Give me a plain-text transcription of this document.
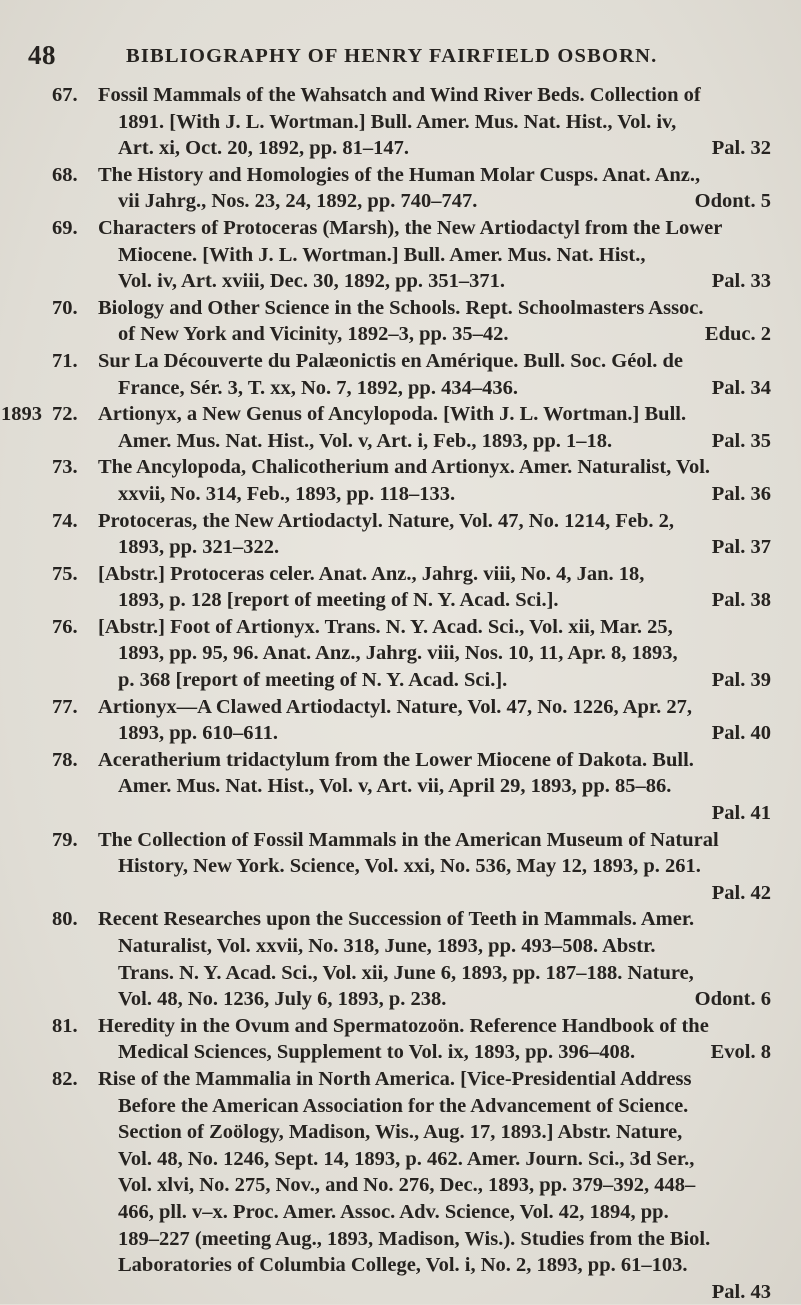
48	BIBLIOGRAPHY OF HENRY FAIRFIELD OSBORN.
67. Fossil Mammals of the Wahsatch and Wind River Beds. Collection of
1891. [With J. L. Wortman.] Bull. Amer. Mus. Nat. Hist., Vol. iv,
Art. xi, Oct. 20, 1892, pp. 81–147.	Pal. 32
68. The History and Homologies of the Human Molar Cusps. Anat. Anz.,
vii Jahrg., Nos. 23, 24, 1892, pp. 740–747.	Odont. 5
69. Characters of Protoceras (Marsh), the New Artiodactyl from the Lower
Miocene. [With J. L. Wortman.] Bull. Amer. Mus. Nat. Hist.,
Vol. iv, Art. xviii, Dec. 30, 1892, pp. 351–371.	Pal. 33
70. Biology and Other Science in the Schools. Rept. Schoolmasters Assoc.
of New York and Vicinity, 1892–3, pp. 35–42.	Educ. 2
71. Sur La Découverte du Palæonictis en Amérique. Bull. Soc. Géol. de
France, Sér. 3, T. xx, No. 7, 1892, pp. 434–436.	Pal. 34
1893 72. Artionyx, a New Genus of Ancylopoda. [With J. L. Wortman.] Bull.
Amer. Mus. Nat. Hist., Vol. v, Art. i, Feb., 1893, pp. 1–18.	Pal. 35
73. The Ancylopoda, Chalicotherium and Artionyx. Amer. Naturalist, Vol.
xxvii, No. 314, Feb., 1893, pp. 118–133.	Pal. 36
74. Protoceras, the New Artiodactyl. Nature, Vol. 47, No. 1214, Feb. 2,
1893, pp. 321–322.	Pal. 37
75. [Abstr.] Protoceras celer. Anat. Anz., Jahrg. viii, No. 4, Jan. 18,
1893, p. 128 [report of meeting of N. Y. Acad. Sci.].	Pal. 38
76. [Abstr.] Foot of Artionyx. Trans. N. Y. Acad. Sci., Vol. xii, Mar. 25,
1893, pp. 95, 96. Anat. Anz., Jahrg. viii, Nos. 10, 11, Apr. 8, 1893,
p. 368 [report of meeting of N. Y. Acad. Sci.].	Pal. 39
77. Artionyx—A Clawed Artiodactyl. Nature, Vol. 47, No. 1226, Apr. 27,
1893, pp. 610–611.	Pal. 40
78. Aceratherium tridactylum from the Lower Miocene of Dakota. Bull.
Amer. Mus. Nat. Hist., Vol. v, Art. vii, April 29, 1893, pp. 85–86.
Pal. 41
79. The Collection of Fossil Mammals in the American Museum of Natural
History, New York. Science, Vol. xxi, No. 536, May 12, 1893, p. 261.
Pal. 42
80. Recent Researches upon the Succession of Teeth in Mammals. Amer.
Naturalist, Vol. xxvii, No. 318, June, 1893, pp. 493–508. Abstr.
Trans. N. Y. Acad. Sci., Vol. xii, June 6, 1893, pp. 187–188. Nature,
Vol. 48, No. 1236, July 6, 1893, p. 238.	Odont. 6
81. Heredity in the Ovum and Spermatozoön. Reference Handbook of the
Medical Sciences, Supplement to Vol. ix, 1893, pp. 396–408.	Evol. 8
82. Rise of the Mammalia in North America. [Vice-Presidential Address
Before the American Association for the Advancement of Science.
Section of Zoölogy, Madison, Wis., Aug. 17, 1893.] Abstr. Nature,
Vol. 48, No. 1246, Sept. 14, 1893, p. 462. Amer. Journ. Sci., 3d Ser.,
Vol. xlvi, No. 275, Nov., and No. 276, Dec., 1893, pp. 379–392, 448–
466, pll. v–x. Proc. Amer. Assoc. Adv. Science, Vol. 42, 1894, pp.
189–227 (meeting Aug., 1893, Madison, Wis.). Studies from the Biol.
Laboratories of Columbia College, Vol. i, No. 2, 1893, pp. 61–103.
Pal. 43
